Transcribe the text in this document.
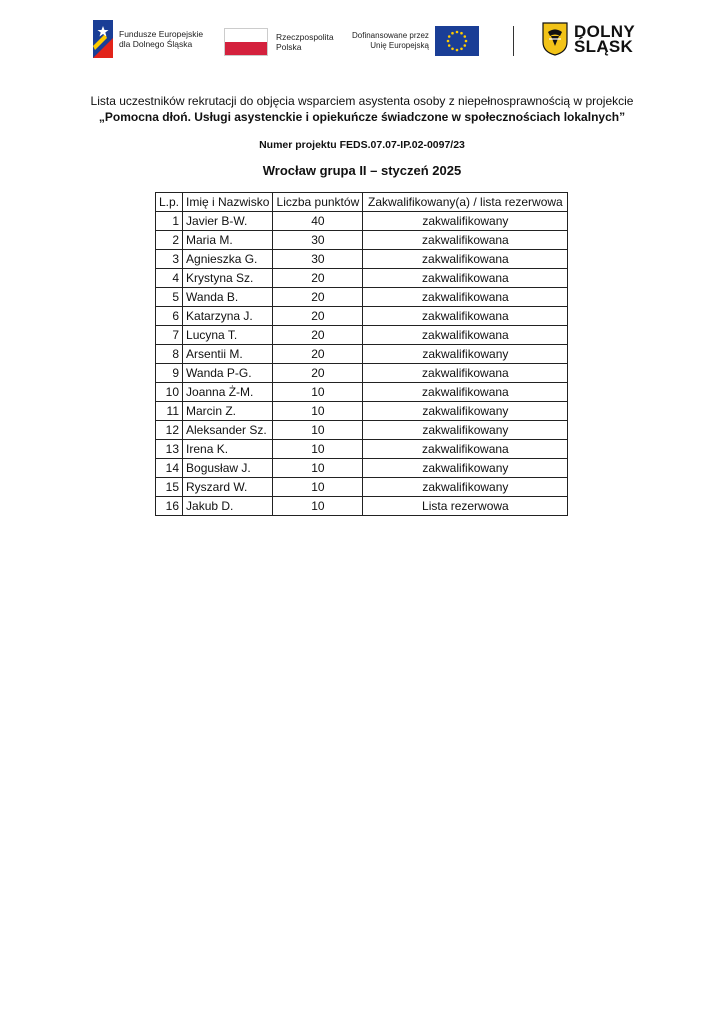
Fundusze Europejskie
dla Dolnego Śląska
Rzeczpospolita
Polska
Dofinansowane przez
Unię Europejską
DOLNY
ŚLĄSK

Lista uczestników rekrutacji do objęcia wsparciem asystenta osoby z niepełnosprawnością w projekcie

„Pomocna dłoń. Usługi asystenckie i opiekuńcze świadczone w społecznościach lokalnych”

Numer projektu FEDS.07.07-IP.02-0097/23

Wrocław grupa II – styczeń 2025
L.p.	Imię i Nazwisko	Liczba punktów	Zakwalifikowany(a) / lista rezerwowa
1	Javier B-W.	40	zakwalifikowany
2	Maria M.	30	zakwalifikowana
3	Agnieszka G.	30	zakwalifikowana
4	Krystyna Sz.	20	zakwalifikowana
5	Wanda B.	20	zakwalifikowana
6	Katarzyna J.	20	zakwalifikowana
7	Lucyna T.	20	zakwalifikowana
8	Arsentii M.	20	zakwalifikowany
9	Wanda P-G.	20	zakwalifikowana
10	Joanna Ż-M.	10	zakwalifikowana
11	Marcin Z.	10	zakwalifikowany
12	Aleksander Sz.	10	zakwalifikowany
13	Irena K.	10	zakwalifikowana
14	Bogusław J.	10	zakwalifikowany
15	Ryszard W.	10	zakwalifikowany
16	Jakub D.	10	Lista rezerwowa
